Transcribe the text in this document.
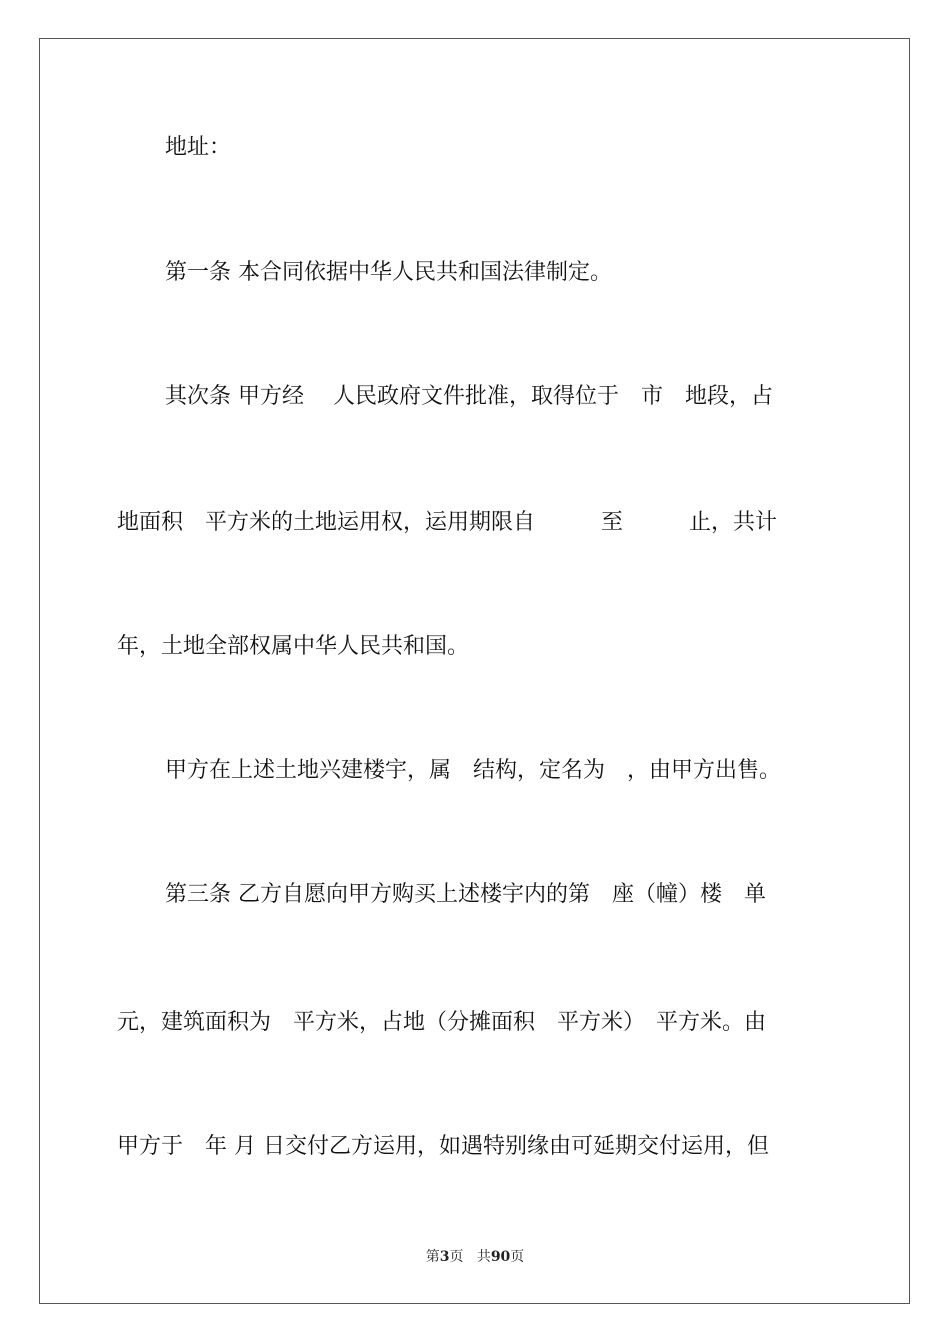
地址：
第一条 本合同依据中华人民共和国法律制定。
其次条 甲方经　 人民政府文件批准，取得位于　市　地段，占
地面积　平方米的土地运用权，运用期限自　　　至　　　止，共计
年，土地全部权属中华人民共和国。
甲方在上述土地兴建楼宇，属　结构，定名为　，由甲方出售。
第三条 乙方自愿向甲方购买上述楼宇内的第　座（幢）楼　单
元，建筑面积为　平方米，占地（分摊面积　平方米）　平方米。由
甲方于　年 月 日交付乙方运用，如遇特别缘由可延期交付运用，但
第3页 共90页
